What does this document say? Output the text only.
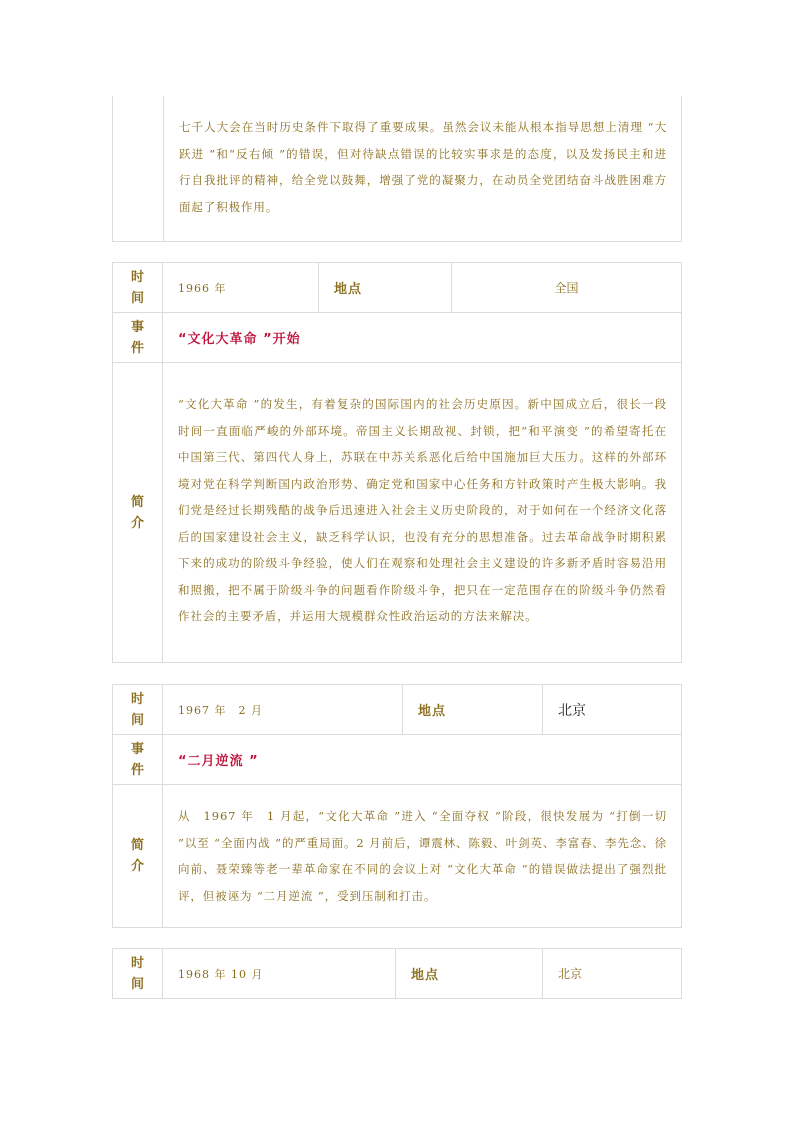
	七千人大会在当时历史条件下取得了重要成果。虽然会议未能从根本指导思想上清理 “大跃进 ”和“反右倾 ”的错误，但对待缺点错误的比较实事求是的态度，以及发扬民主和进行自我批评的精神，给全党以鼓舞，增强了党的凝聚力，在动员全党团结奋斗战胜困难方面起了积极作用。
时
间	1966 年	地点	全国

事
件	“文化大革命 ”开始		

简
介	“文化大革命 ”的发生，有着复杂的国际国内的社会历史原因。新中国成立后，很长一段时间一直面临严峻的外部环境。帝国主义长期敌视、封锁，把“和平演变 ”的希望寄托在中国第三代、第四代人身上，苏联在中苏关系恶化后给中国施加巨大压力。这样的外部环境对党在科学判断国内政治形势、确定党和国家中心任务和方针政策时产生极大影响。我们党是经过长期残酷的战争后迅速进入社会主义历史阶段的，对于如何在一个经济文化落后的国家建设社会主义，缺乏科学认识，也没有充分的思想准备。过去革命战争时期积累下来的成功的阶级斗争经验，使人们在观察和处理社会主义建设的许多新矛盾时容易沿用和照搬，把不属于阶级斗争的问题看作阶级斗争，把只在一定范围存在的阶级斗争仍然看作社会的主要矛盾，并运用大规模群众性政治运动的方法来解决。		
时
间	1967 年　2 月	地点	北京

事
件	“二月逆流 ”		

简
介	从　1967 年　1 月起，“文化大革命 ”进入 “全面夺权 ”阶段，很快发展为 “打倒一切 ”以至 “全面内战 ”的严重局面。2 月前后，谭震林、陈毅、叶剑英、李富春、李先念、徐向前、聂荣臻等老一辈革命家在不同的会议上对 “文化大革命 ”的错误做法提出了强烈批评，但被诬为 “二月逆流 ”，受到压制和打击。		
时
间
	1968 年 10 月	地点	北京
